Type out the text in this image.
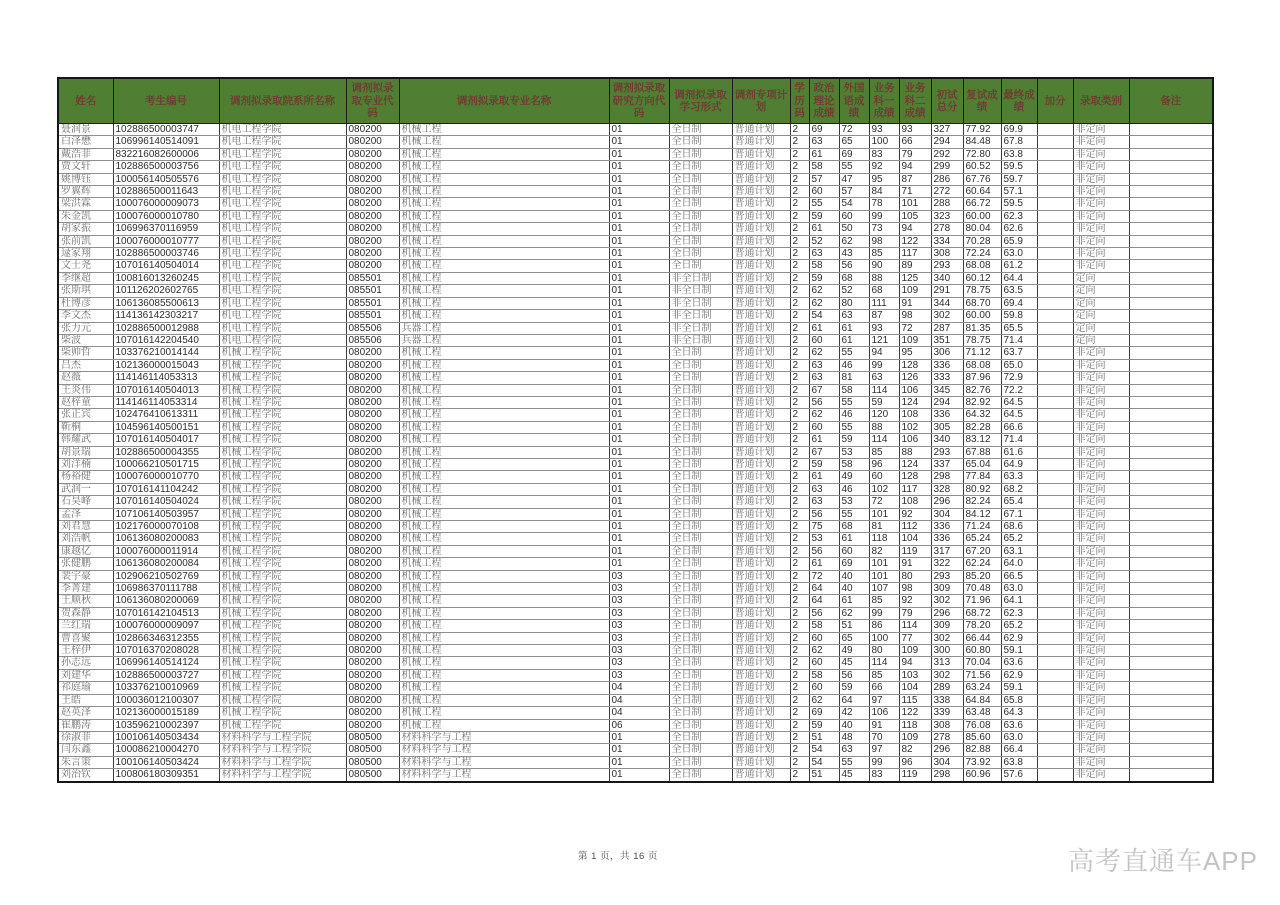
姓名	考生编号	调剂拟录取院系所名称	调剂拟录取专业代码	调剂拟录取专业名称	调剂拟录取研究方向代码	调剂拟录取学习形式	调剂专项计划	学历码	政治理论成绩	外国语成绩	业务科一成绩	业务科二成绩	初试总分	复试成绩	最终成绩	加分	录取类别	备注
聂润景	102886500003747	机电工程学院	080200	机械工程	01	全日制	普通计划	2	69	72	93	93	327	77.92	69.9		非定向	
白泽懋	106996140514091	机电工程学院	080200	机械工程	01	全日制	普通计划	2	63	65	100	66	294	84.48	67.8		非定向	
戴浩菲	832216082600006	机电工程学院	080200	机械工程	01	全日制	普通计划	2	61	69	83	79	292	72.80	63.8		非定向	
贾文轩	102886500003756	机电工程学院	080200	机械工程	01	全日制	普通计划	2	58	55	92	94	299	60.52	59.5		非定向	
姚博钰	100056140505576	机电工程学院	080200	机械工程	01	全日制	普通计划	2	57	47	95	87	286	67.76	59.7		非定向	
罗翼辉	102886500011643	机电工程学院	080200	机械工程	01	全日制	普通计划	2	60	57	84	71	272	60.64	57.1		非定向	
梁洪霖	100076000009073	机电工程学院	080200	机械工程	01	全日制	普通计划	2	55	54	78	101	288	66.72	59.5		非定向	
朱金凯	100076000010780	机电工程学院	080200	机械工程	01	全日制	普通计划	2	59	60	99	105	323	60.00	62.3		非定向	
胡家振	106996370116959	机电工程学院	080200	机械工程	01	全日制	普通计划	2	61	50	73	94	278	80.04	62.6		非定向	
张前凯	100076000010777	机电工程学院	080200	机械工程	01	全日制	普通计划	2	52	62	98	122	334	70.28	65.9		非定向	
逯家翔	102886500003746	机电工程学院	080200	机械工程	01	全日制	普通计划	2	63	43	85	117	308	72.24	63.0		非定向	
文士尧	107016140504014	机电工程学院	080200	机械工程	01	全日制	普通计划	2	58	56	90	89	293	68.08	61.2		非定向	
李继超	100816013260245	机电工程学院	085501	机械工程	01	非全日制	普通计划	2	59	68	88	125	340	60.12	64.4		定向	
张斯琪	101126202602765	机电工程学院	085501	机械工程	01	非全日制	普通计划	2	62	52	68	109	291	78.75	63.5		定向	
杜博彦	106136085500613	机电工程学院	085501	机械工程	01	非全日制	普通计划	2	62	80	111	91	344	68.70	69.4		定向	
李文杰	114136142303217	机电工程学院	085501	机械工程	01	非全日制	普通计划	2	54	63	87	98	302	60.00	59.8		定向	
张力元	102886500012988	机电工程学院	085506	兵器工程	01	非全日制	普通计划	2	61	61	93	72	287	81.35	65.5		定向	
柴波	107016142204540	机电工程学院	085506	兵器工程	01	非全日制	普通计划	2	60	61	121	109	351	78.75	71.4		定向	
柴帅哲	103376210014144	机械工程学院	080200	机械工程	01	全日制	普通计划	2	62	55	94	95	306	71.12	63.7		非定向	
吕杰	102136000015043	机械工程学院	080200	机械工程	01	全日制	普通计划	2	63	46	99	128	336	68.08	65.0		非定向	
赵薇	114146114053313	机械工程学院	080200	机械工程	01	全日制	普通计划	2	63	81	63	126	333	87.96	72.9		非定向	
王炎伟	107016140504013	机械工程学院	080200	机械工程	01	全日制	普通计划	2	67	58	114	106	345	82.76	72.2		非定向	
赵梓童	114146114053314	机械工程学院	080200	机械工程	01	全日制	普通计划	2	56	55	59	124	294	82.92	64.5		非定向	
张正宾	102476410613311	机械工程学院	080200	机械工程	01	全日制	普通计划	2	62	46	120	108	336	64.32	64.5		非定向	
靳桐	104596140500151	机械工程学院	080200	机械工程	01	全日制	普通计划	2	60	55	88	102	305	82.28	66.6		非定向	
韩耀武	107016140504017	机械工程学院	080200	机械工程	01	全日制	普通计划	2	61	59	114	106	340	83.12	71.4		非定向	
胡景瑞	102886500004355	机械工程学院	080200	机械工程	01	全日制	普通计划	2	67	53	85	88	293	67.88	61.6		非定向	
刘洋楠	100066210501715	机械工程学院	080200	机械工程	01	全日制	普通计划	2	59	58	96	124	337	65.04	64.9		非定向	
杨裕健	100076000010770	机械工程学院	080200	机械工程	01	全日制	普通计划	2	61	49	60	128	298	77.84	63.3		非定向	
武润一	107016141104242	机械工程学院	080200	机械工程	01	全日制	普通计划	2	63	46	102	117	328	80.92	68.2		非定向	
石昊峰	107016140504024	机械工程学院	080200	机械工程	01	全日制	普通计划	2	63	53	72	108	296	82.24	65.4		非定向	
孟泽	107106140503957	机械工程学院	080200	机械工程	01	全日制	普通计划	2	56	55	101	92	304	84.12	67.1		非定向	
刘君慧	102176000070108	机械工程学院	080200	机械工程	01	全日制	普通计划	2	75	68	81	112	336	71.24	68.6		非定向	
刘浩帆	106136080200083	机械工程学院	080200	机械工程	01	全日制	普通计划	2	53	61	118	104	336	65.24	65.2		非定向	
康越亿	100076000011914	机械工程学院	080200	机械工程	01	全日制	普通计划	2	56	60	82	119	317	67.20	63.1		非定向	
张健鹏	106136080200084	机械工程学院	080200	机械工程	01	全日制	普通计划	2	61	69	101	91	322	62.24	64.0		非定向	
裴宇豪	102906210502769	机械工程学院	080200	机械工程	03	全日制	普通计划	2	72	40	101	80	293	85.20	66.5		非定向	
李菁建	106986370111788	机械工程学院	080200	机械工程	03	全日制	普通计划	2	64	40	107	98	309	70.48	63.0		非定向	
王顺秋	106136080200069	机械工程学院	080200	机械工程	03	全日制	普通计划	2	64	61	85	92	302	71.96	64.1		非定向	
贺森静	107016142104513	机械工程学院	080200	机械工程	03	全日制	普通计划	2	56	62	99	79	296	68.72	62.3		非定向	
兰红瑞	100076000009097	机械工程学院	080200	机械工程	03	全日制	普通计划	2	58	51	86	114	309	78.20	65.2		非定向	
曹喜聚	102866346312355	机械工程学院	080200	机械工程	03	全日制	普通计划	2	60	65	100	77	302	66.44	62.9		非定向	
王梓伊	107016370208028	机械工程学院	080200	机械工程	03	全日制	普通计划	2	62	49	80	109	300	60.80	59.1		非定向	
孙志远	106996140514124	机械工程学院	080200	机械工程	03	全日制	普通计划	2	60	45	114	94	313	70.04	63.6		非定向	
刘建华	102886500003727	机械工程学院	080200	机械工程	03	全日制	普通计划	2	58	56	85	103	302	71.56	62.9		非定向	
祁庭瑜	103376210010969	机械工程学院	080200	机械工程	04	全日制	普通计划	2	60	59	66	104	289	63.24	59.1		非定向	
王皓	100036012100307	机械工程学院	080200	机械工程	04	全日制	普通计划	2	62	64	97	115	338	64.84	65.8		非定向	
赵英泽	102136000015189	机械工程学院	080200	机械工程	04	全日制	普通计划	2	69	42	106	122	339	63.48	64.3		非定向	
崔鹏涛	103596210002397	机械工程学院	080200	机械工程	06	全日制	普通计划	2	59	40	91	118	308	76.08	63.6		非定向	
徐淑菲	100106140503434	材料科学与工程学院	080500	材料科学与工程	01	全日制	普通计划	2	51	48	70	109	278	85.60	63.0		非定向	
闫东鑫	100086210004270	材料科学与工程学院	080500	材料科学与工程	01	全日制	普通计划	2	54	63	97	82	296	82.88	66.4		非定向	
朱言策	100106140503424	材料科学与工程学院	080500	材料科学与工程	01	全日制	普通计划	2	54	55	99	96	304	73.92	63.8		非定向	
刘治钦	100806180309351	材料科学与工程学院	080500	材料科学与工程	01	全日制	普通计划	2	51	45	83	119	298	60.96	57.6		非定向	
第 1 页，共 16 页	高考直通车APP
